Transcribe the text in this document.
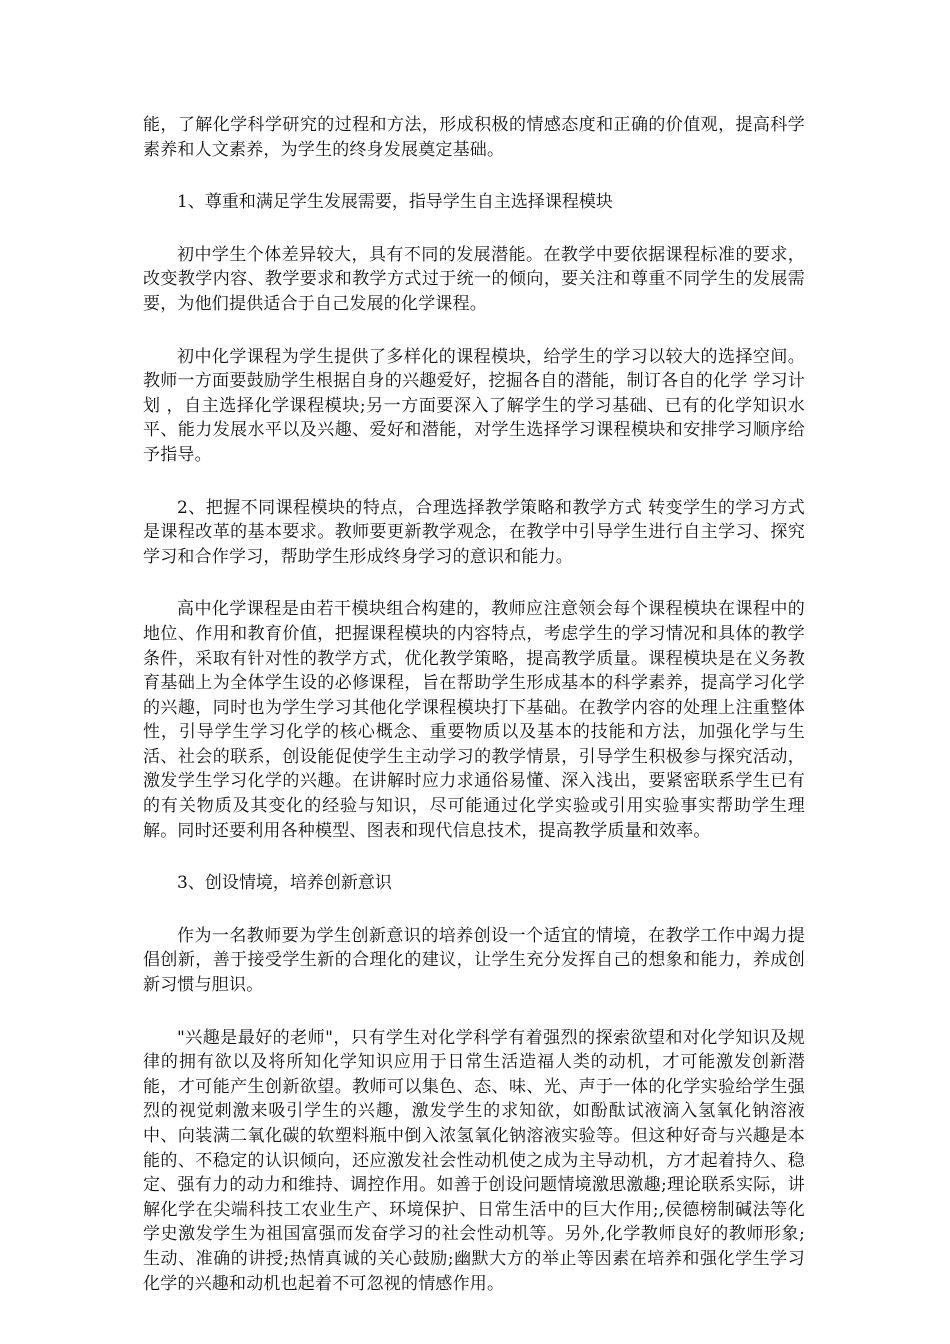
能，了解化学科学研究的过程和方法，形成积极的情感态度和正确的价值观，提高科学素养和人文素养，为学生的终身发展奠定基础。

1、尊重和满足学生发展需要，指导学生自主选择课程模块

初中学生个体差异较大，具有不同的发展潜能。在教学中要依据课程标准的要求，改变教学内容、教学要求和教学方式过于统一的倾向，要关注和尊重不同学生的发展需要，为他们提供适合于自己发展的化学课程。

初中化学课程为学生提供了多样化的课程模块，给学生的学习以较大的选择空间。教师一方面要鼓励学生根据自身的兴趣爱好，挖掘各自的潜能，制订各自的化学 学习计划 ，自主选择化学课程模块;另一方面要深入了解学生的学习基础、已有的化学知识水平、能力发展水平以及兴趣、爱好和潜能，对学生选择学习课程模块和安排学习顺序给予指导。

2、把握不同课程模块的特点，合理选择教学策略和教学方式 转变学生的学习方式是课程改革的基本要求。教师要更新教学观念，在教学中引导学生进行自主学习、探究学习和合作学习，帮助学生形成终身学习的意识和能力。

高中化学课程是由若干模块组合构建的，教师应注意领会每个课程模块在课程中的地位、作用和教育价值，把握课程模块的内容特点，考虑学生的学习情况和具体的教学条件，采取有针对性的教学方式，优化教学策略，提高教学质量。课程模块是在义务教育基础上为全体学生设的必修课程，旨在帮助学生形成基本的科学素养，提高学习化学的兴趣，同时也为学生学习其他化学课程模块打下基础。在教学内容的处理上注重整体性，引导学生学习化学的核心概念、重要物质以及基本的技能和方法，加强化学与生活、社会的联系，创设能促使学生主动学习的教学情景，引导学生积极参与探究活动，激发学生学习化学的兴趣。在讲解时应力求通俗易懂、深入浅出，要紧密联系学生已有的有关物质及其变化的经验与知识，尽可能通过化学实验或引用实验事实帮助学生理解。同时还要利用各种模型、图表和现代信息技术，提高教学质量和效率。

3、创设情境，培养创新意识

作为一名教师要为学生创新意识的培养创设一个适宜的情境，在教学工作中竭力提倡创新，善于接受学生新的合理化的建议，让学生充分发挥自己的想象和能力，养成创新习惯与胆识。

"兴趣是最好的老师"，只有学生对化学科学有着强烈的探索欲望和对化学知识及规律的拥有欲以及将所知化学知识应用于日常生活造福人类的动机，才可能激发创新潜能，才可能产生创新欲望。教师可以集色、态、味、光、声于一体的化学实验给学生强烈的视觉刺激来吸引学生的兴趣，激发学生的求知欲，如酚酞试液滴入氢氧化钠溶液中、向装满二氧化碳的软塑料瓶中倒入浓氢氧化钠溶液实验等。但这种好奇与兴趣是本能的、不稳定的认识倾向，还应激发社会性动机使之成为主导动机，方才起着持久、稳定、强有力的动力和维持、调控作用。如善于创设问题情境激思激趣;理论联系实际，讲解化学在尖端科技工农业生产、环境保护、日常生活中的巨大作用;,侯德榜制碱法等化学史激发学生为祖国富强而发奋学习的社会性动机等。另外,化学教师良好的教师形象;生动、准确的讲授;热情真诚的关心鼓励;幽默大方的举止等因素在培养和强化学生学习化学的兴趣和动机也起着不可忽视的情感作用。
